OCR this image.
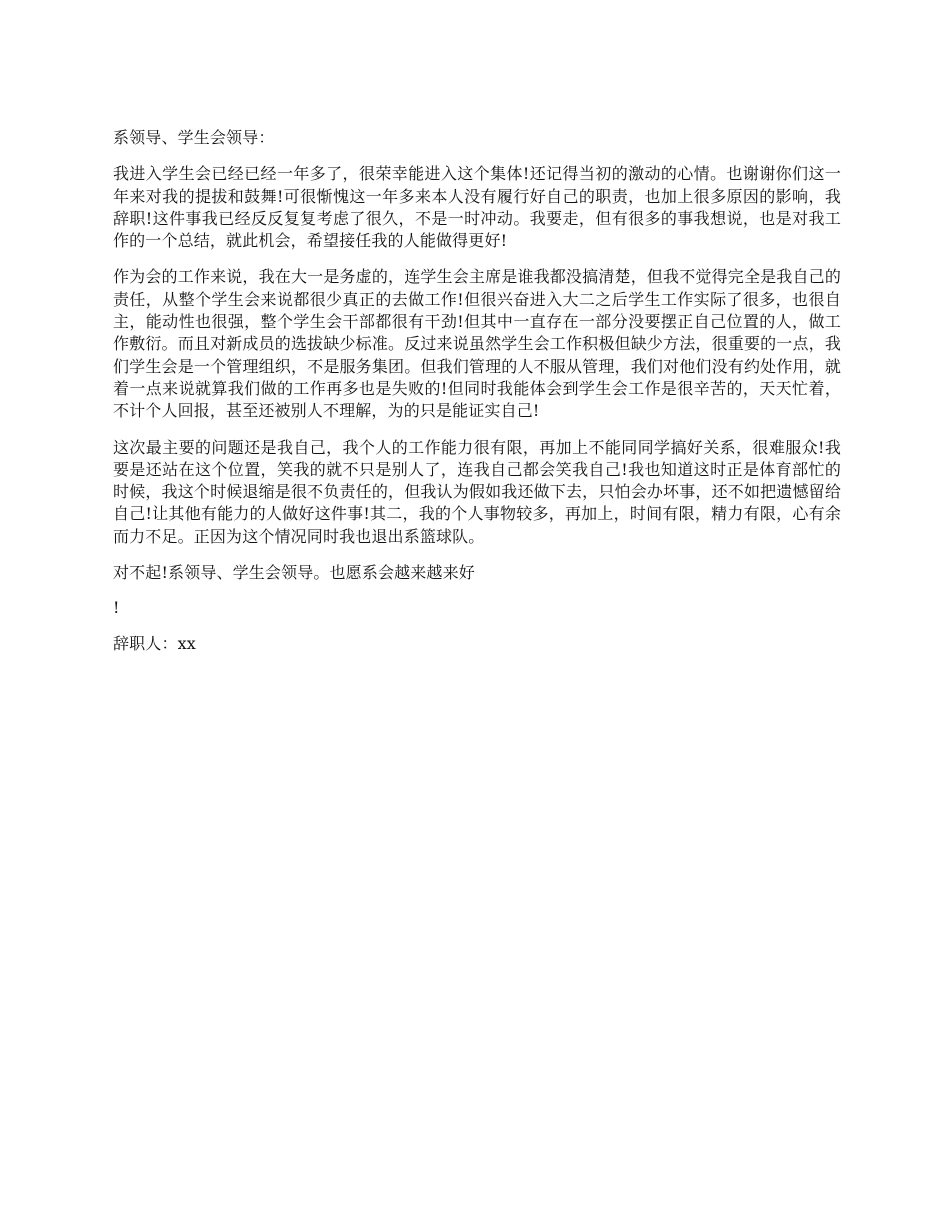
系领导、学生会领导：

我进入学生会已经已经一年多了，很荣幸能进入这个集体!还记得当初的激动的心情。也谢谢你们这一年来对我的提拔和鼓舞!可很惭愧这一年多来本人没有履行好自己的职责，也加上很多原因的影响，我辞职!这件事我已经反反复复考虑了很久，不是一时冲动。我要走，但有很多的事我想说，也是对我工作的一个总结，就此机会，希望接任我的人能做得更好!

作为会的工作来说，我在大一是务虚的，连学生会主席是谁我都没搞清楚，但我不觉得完全是我自己的责任，从整个学生会来说都很少真正的去做工作!但很兴奋进入大二之后学生工作实际了很多，也很自主，能动性也很强，整个学生会干部都很有干劲!但其中一直存在一部分没要摆正自己位置的人，做工作敷衍。而且对新成员的选拔缺少标准。反过来说虽然学生会工作积极但缺少方法，很重要的一点，我们学生会是一个管理组织，不是服务集团。但我们管理的人不服从管理，我们对他们没有约处作用，就着一点来说就算我们做的工作再多也是失败的!但同时我能体会到学生会工作是很辛苦的，天天忙着，不计个人回报，甚至还被别人不理解，为的只是能证实自己!

这次最主要的问题还是我自己，我个人的工作能力很有限，再加上不能同同学搞好关系，很难服众!我要是还站在这个位置，笑我的就不只是别人了，连我自己都会笑我自己!我也知道这时正是体育部忙的时候，我这个时候退缩是很不负责任的，但我认为假如我还做下去，只怕会办坏事，还不如把遗憾留给自己!让其他有能力的人做好这件事!其二，我的个人事物较多，再加上，时间有限，精力有限，心有余而力不足。正因为这个情况同时我也退出系篮球队。

对不起!系领导、学生会领导。也愿系会越来越来好

!

辞职人：xx
